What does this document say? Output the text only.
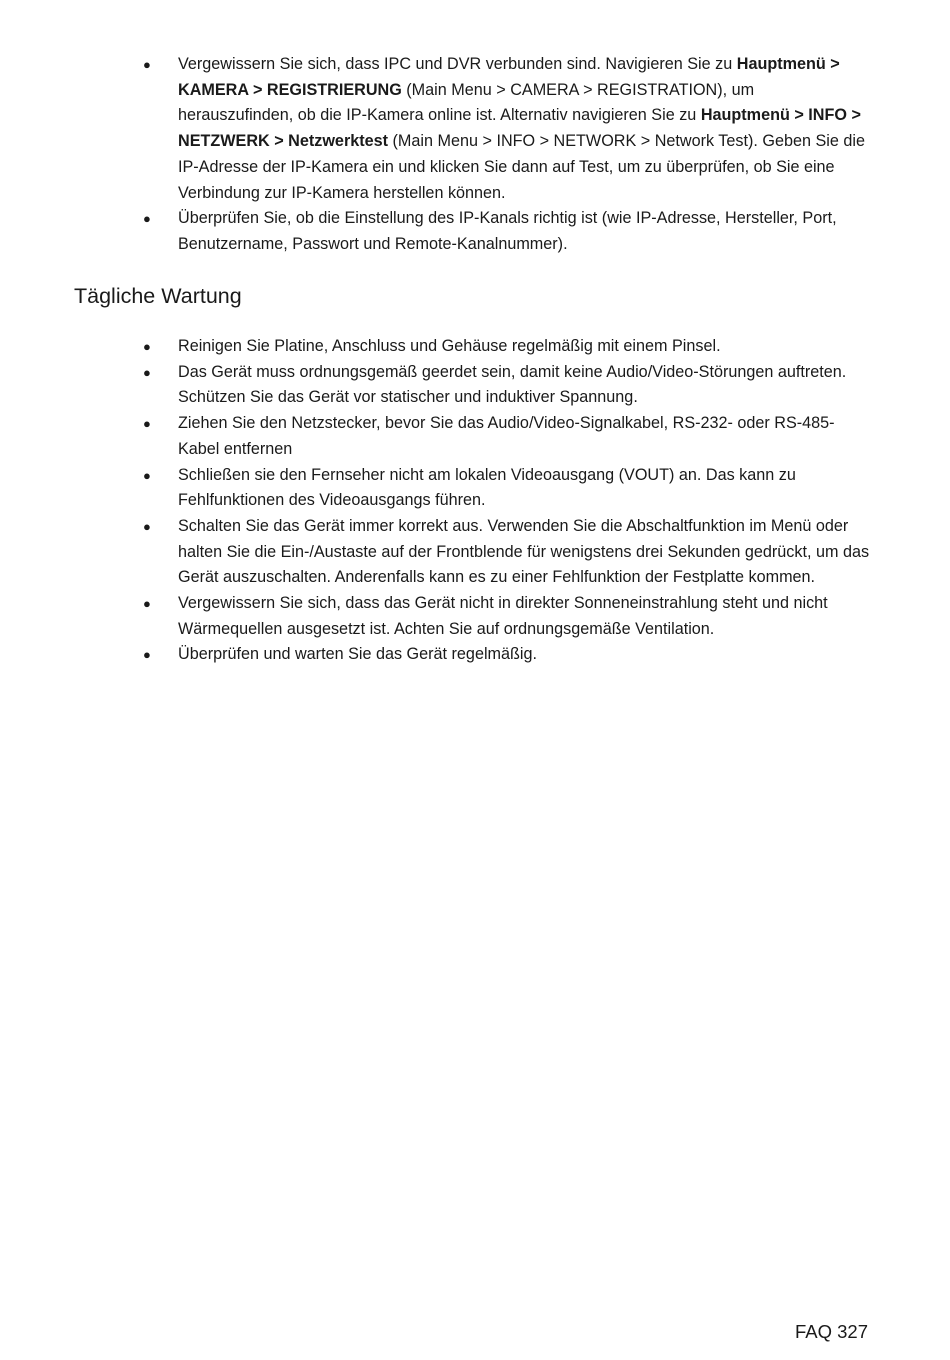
● Vergewissern Sie sich, dass IPC und DVR verbunden sind. Navigieren Sie zu Hauptmenü > KAMERA > REGISTRIERUNG (Main Menu > CAMERA > REGISTRATION), um herauszufinden, ob die IP-Kamera online ist. Alternativ navigieren Sie zu Hauptmenü > INFO > NETZWERK > Netzwerktest (Main Menu > INFO > NETWORK > Network Test). Geben Sie die IP-Adresse der IP-Kamera ein und klicken Sie dann auf Test, um zu überprüfen, ob Sie eine Verbindung zur IP-Kamera herstellen können.
● Überprüfen Sie, ob die Einstellung des IP-Kanals richtig ist (wie IP-Adresse, Hersteller, Port, Benutzername, Passwort und Remote-Kanalnummer).
Tägliche Wartung
● Reinigen Sie Platine, Anschluss und Gehäuse regelmäßig mit einem Pinsel.
● Das Gerät muss ordnungsgemäß geerdet sein, damit keine Audio/Video-Störungen auftreten. Schützen Sie das Gerät vor statischer und induktiver Spannung.
● Ziehen Sie den Netzstecker, bevor Sie das Audio/Video-Signalkabel, RS-232- oder RS-485-Kabel entfernen
● Schließen sie den Fernseher nicht am lokalen Videoausgang (VOUT) an. Das kann zu Fehlfunktionen des Videoausgangs führen.
● Schalten Sie das Gerät immer korrekt aus. Verwenden Sie die Abschaltfunktion im Menü oder halten Sie die Ein-/Austaste auf der Frontblende für wenigstens drei Sekunden gedrückt, um das Gerät auszuschalten. Anderenfalls kann es zu einer Fehlfunktion der Festplatte kommen.
● Vergewissern Sie sich, dass das Gerät nicht in direkter Sonneneinstrahlung steht und nicht Wärmequellen ausgesetzt ist. Achten Sie auf ordnungsgemäße Ventilation.
● Überprüfen und warten Sie das Gerät regelmäßig.
FAQ 327
